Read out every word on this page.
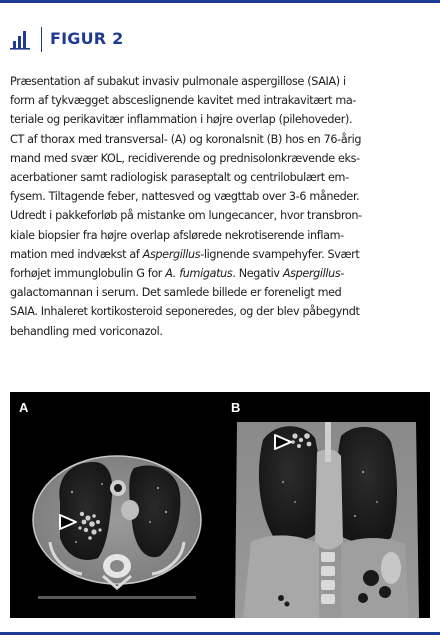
FIGUR 2
Præsentation af subakut invasiv pulmonale aspergillose (SAIA) i
form af tykvægget absceslignende kavitet med intrakavitært ma-
teriale og perikavitær inflammation i højre overlap (pilehoveder).
CT af thorax med transversal- (A) og koronalsnit (B) hos en 76-årig
mand med svær KOL, recidiverende og prednisolonkrævende eks-
acerbationer samt radiologisk paraseptalt og centrilobulært em-
fysem. Tiltagende feber, nattesved og vægttab over 3-6 måneder.
Udredt i pakkeforløb på mistanke om lungecancer, hvor transbron-
kiale biopsier fra højre overlap afslørede nekrotiserende inflam-
mation med indvækst af Aspergillus-lignende svampehyfer. Svært
forhøjet immunglobulin G for A. fumigatus. Negativ Aspergillus-
galactomannan i serum. Det samlede billede er foreneligt med
SAIA. Inhaleret kortikosteroid seponeredes, og der blev påbegyndt
behandling med voriconazol.
A	B
